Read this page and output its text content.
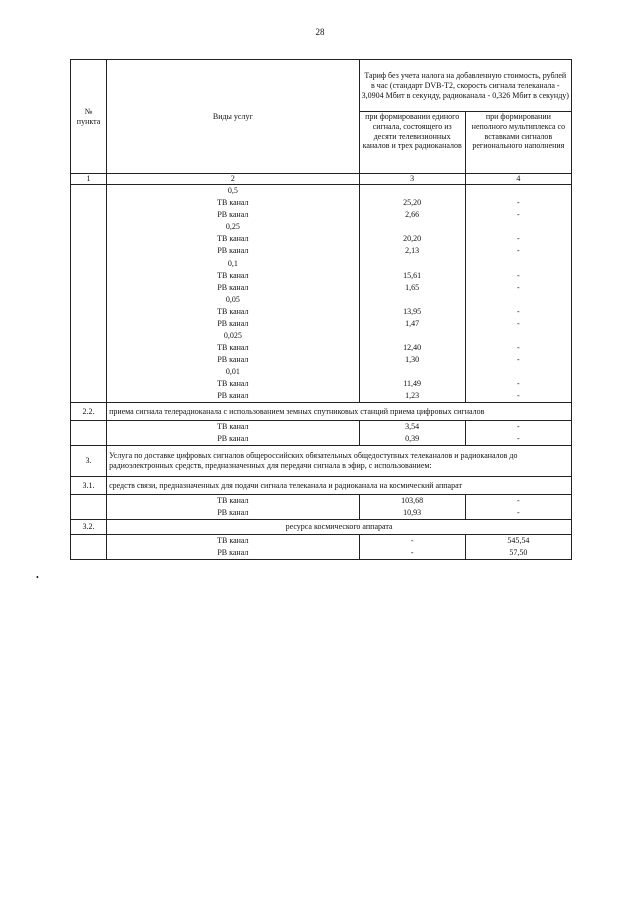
28
№ пункта	Виды услуг	Тариф без учета налога на добавленную стоимость, рублей в час (стандарт DVB-T2, скорость сигнала телеканала - 3,0904 Мбит в секунду, радиоканала - 0,326 Мбит в секунду)	
		при формировании единого сигнала, состоящего из десяти телевизионных каналов и трех радиоканалов	при формировании неполного мультиплекса со вставками сигналов регионального наполнения
1	2	3	4
	0,5		
	ТВ канал	25,20	-
	РВ канал	2,66	-
	0,25		
	ТВ канал	20,20	-
	РВ канал	2,13	-
	0,1		
	ТВ канал	15,61	-
	РВ канал	1,65	-
	0,05		
	ТВ канал	13,95	-
	РВ канал	1,47	-
	0,025		
	ТВ канал	12,40	-
	РВ канал	1,30	-
	0,01		
	ТВ канал	11,49	-
	РВ канал	1,23	-
2.2.	приема сигнала телерадиоканала с использованием земных спутниковых станций приема цифровых сигналов		
	ТВ канал	3,54	-
	РВ канал	0,39	-
3.	Услуга по доставке цифровых сигналов общероссийских обязательных общедоступных телеканалов и радиоканалов до радиоэлектронных средств, предназначенных для передачи сигнала в эфир, с использованием:		
3.1.	средств связи, предназначенных для подачи сигнала телеканала и радиоканала на космический аппарат		
	ТВ канал	103,68	-
	РВ канал	10,93	-
3.2.	ресурса космического аппарата		
	ТВ канал	-	545,54
	РВ канал	-	57,50
•
